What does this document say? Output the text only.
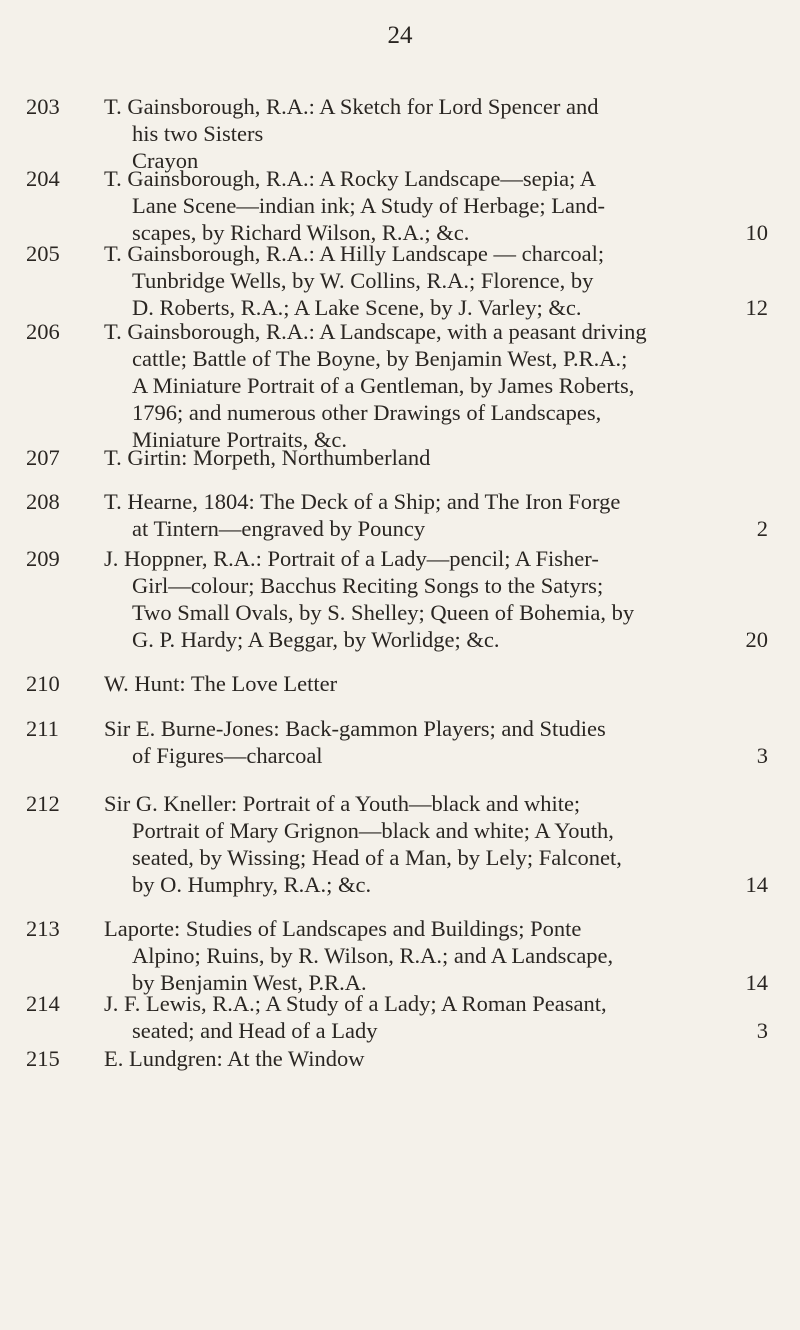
24
203	T. Gainsborough, R.A.: A Sketch for Lord Spencer and
his two Sisters
Crayon
204	T. Gainsborough, R.A.: A Rocky Landscape—sepia; A
Lane Scene—indian ink; A Study of Herbage; Land-
scapes, by Richard Wilson, R.A.; &c.	10
205	T. Gainsborough, R.A.: A Hilly Landscape — charcoal;
Tunbridge Wells, by W. Collins, R.A.; Florence, by
D. Roberts, R.A.; A Lake Scene, by J. Varley; &c.	12
206	T. Gainsborough, R.A.: A Landscape, with a peasant driving
cattle; Battle of The Boyne, by Benjamin West, P.R.A.;
A Miniature Portrait of a Gentleman, by James Roberts,
1796; and numerous other Drawings of Landscapes,
Miniature Portraits, &c.
207	T. Girtin: Morpeth, Northumberland
208	T. Hearne, 1804: The Deck of a Ship; and The Iron Forge
at Tintern—engraved by Pouncy	2
209	J. Hoppner, R.A.: Portrait of a Lady—pencil; A Fisher-
Girl—colour; Bacchus Reciting Songs to the Satyrs;
Two Small Ovals, by S. Shelley; Queen of Bohemia, by
G. P. Hardy; A Beggar, by Worlidge; &c.	20
210	W. Hunt: The Love Letter
211	Sir E. Burne-Jones: Back-gammon Players; and Studies
of Figures—charcoal	3
212	Sir G. Kneller: Portrait of a Youth—black and white;
Portrait of Mary Grignon—black and white; A Youth,
seated, by Wissing; Head of a Man, by Lely; Falconet,
by O. Humphry, R.A.; &c.	14
213	Laporte: Studies of Landscapes and Buildings; Ponte
Alpino; Ruins, by R. Wilson, R.A.; and A Landscape,
by Benjamin West, P.R.A.	14
214	J. F. Lewis, R.A.; A Study of a Lady; A Roman Peasant,
seated; and Head of a Lady	3
215	E. Lundgren: At the Window
